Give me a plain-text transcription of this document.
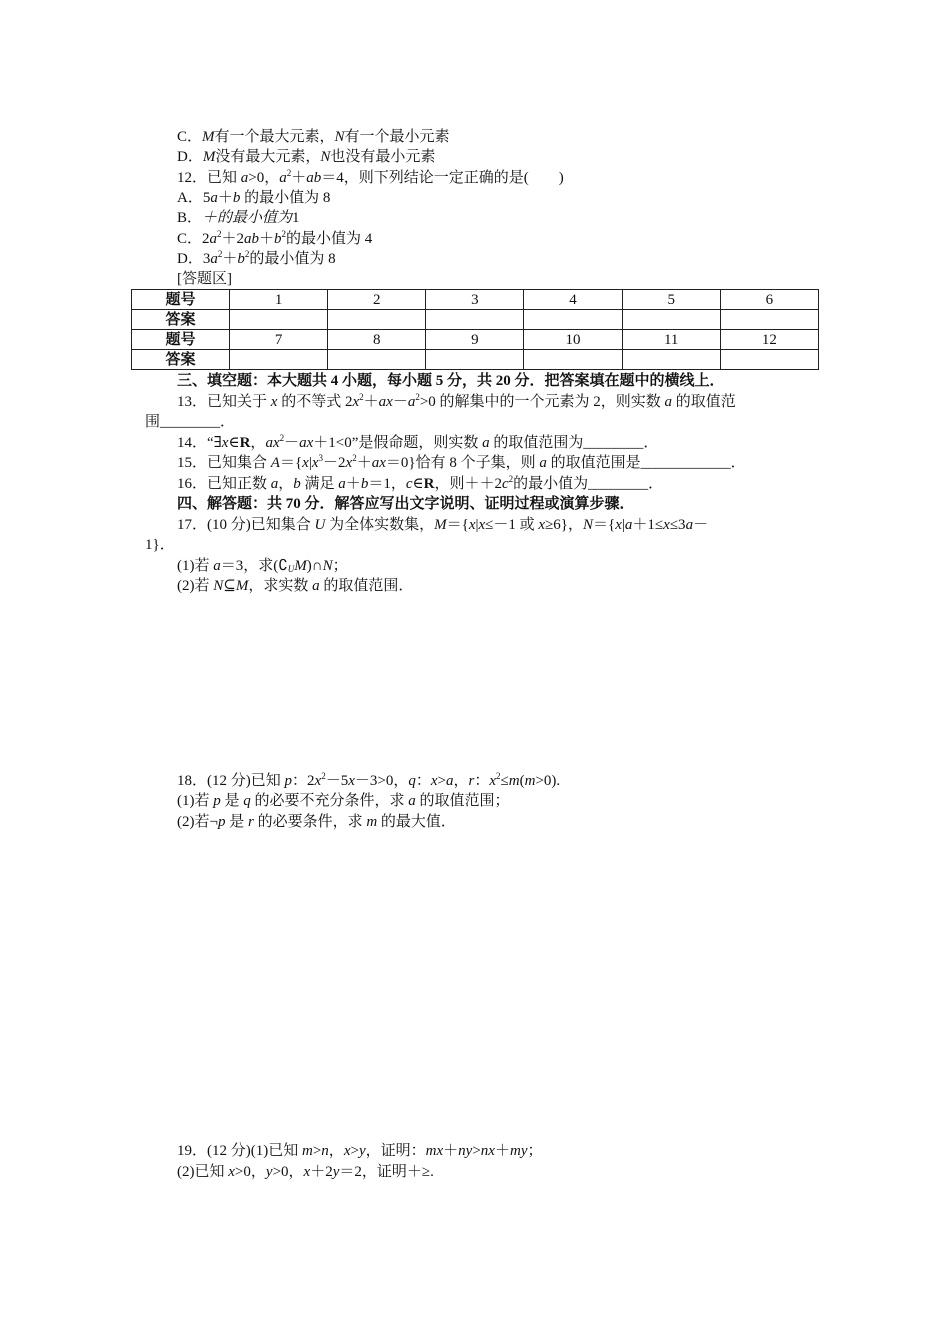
C．M有一个最大元素，N有一个最小元素
D．M没有最大元素，N也没有最小元素
12．已知 a>0，$a^2+ab=4$，则下列结论一定正确的是(　　)
A．5a＋b 的最小值为 8
B．＋的最小值为1
C．$2a^2+2ab+b^2$的最小值为 4
D．$3a^2+b^2$的最小值为 8
[答题区]
题号	1	2	3	4	5	6
答案						
题号	7	8	9	10	11	12
答案						
三、填空题：本大题共 4 小题，每小题 5 分，共 20 分．把答案填在题中的横线上．
13．已知关于 x 的不等式 $2x^2+ax-a^2>0$ 的解集中的一个元素为 2，则实数 a 的取值范
围________．
14．“∃x∈R，$ax^2-ax+1<0$”是假命题，则实数 a 的取值范围为________．
15．已知集合 $A=\{x|x^3-2x^2+ax=0\}$恰有 8 个子集，则 a 的取值范围是____________．
16．已知正数 a，b 满足 a＋b＝1，c∈R，则$++2c^2$的最小值为________．
四、解答题：共 70 分．解答应写出文字说明、证明过程或演算步骤．
17．(10 分)已知集合 U 为全体实数集，M＝{x|x≤－1 或 x≥6}，N＝{x|a＋1≤x≤3a－
1}．
(1)若 a＝3，求$(∁_UM)\cap N$；
(2)若 N⊆M，求实数 a 的取值范围．
18．(12 分)已知 p：$2x^2-5x-3>0$，q：x>a，r：$x^2\le m(m>0)$.
(1)若 p 是 q 的必要不充分条件，求 a 的取值范围；
(2)若¬p 是 r 的必要条件，求 m 的最大值．
19．(12 分)(1)已知 m>n，x>y，证明：mx＋ny>nx＋my；
(2)已知 x>0，y>0，x＋2y＝2，证明＋≥.
